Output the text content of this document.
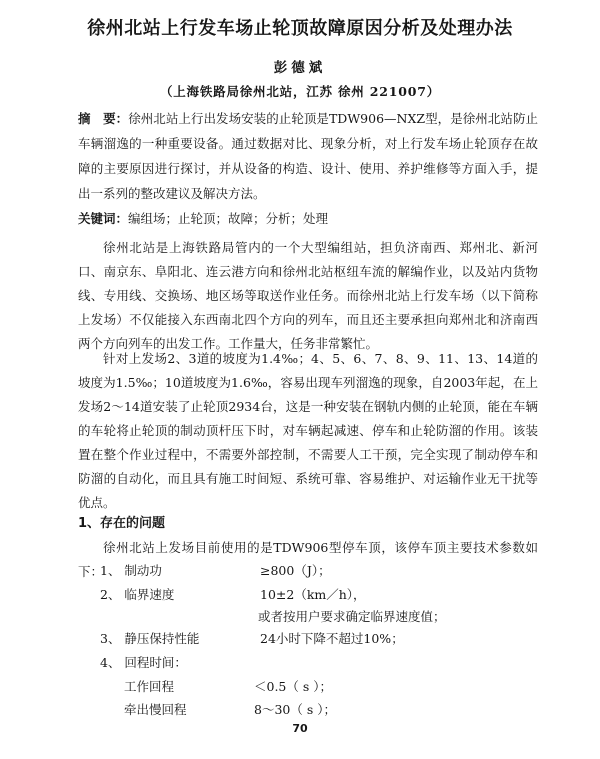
徐州北站上行发车场止轮顶故障原因分析及处理办法
彭德斌
（上海铁路局徐州北站，江苏 徐州 221007）
摘　要：徐州北站上行出发场安装的止轮顶是TDW906—NXZ型，是徐州北站防止车辆溜逸的一种重要设备。通过数据对比、现象分析，对上行发车场止轮顶存在故障的主要原因进行探讨，并从设备的构造、设计、使用、养护维修等方面入手，提出一系列的整改建议及解决方法。
关键词：编组场；止轮顶；故障；分析；处理
徐州北站是上海铁路局管内的一个大型编组站，担负济南西、郑州北、新河口、南京东、阜阳北、连云港方向和徐州北站枢纽车流的解编作业，以及站内货物线、专用线、交换场、地区场等取送作业任务。而徐州北站上行发车场（以下简称上发场）不仅能接入东西南北四个方向的列车，而且还主要承担向郑州北和济南西两个方向列车的出发工作。工作量大，任务非常繁忙。
针对上发场2、3道的坡度为1.4‰；4、5、6、7、8、9、11、13、14道的坡度为1.5‰；10道坡度为1.6‰，容易出现车列溜逸的现象，自2003年起，在上发场2～14道安装了止轮顶2934台，这是一种安装在钢轨内侧的止轮顶，能在车辆的车轮将止轮顶的制动顶杆压下时，对车辆起减速、停车和止轮防溜的作用。该装置在整个作业过程中，不需要外部控制，不需要人工干预，完全实现了制动停车和防溜的自动化，而且具有施工时间短、系统可靠、容易维护、对运输作业无干扰等优点。
1、存在的问题
徐州北站上发场目前使用的是TDW906型停车顶，该停车顶主要技术参数如下：
1、 制动功	≥800（J）；
2、 临界速度	10±2（km／h），
或者按用户要求确定临界速度值；
3、 静压保持性能	24小时下降不超过10%；
4、 回程时间：
工作回程	＜0.5（ s ）；
牵出慢回程	8～30（ s ）；
70
